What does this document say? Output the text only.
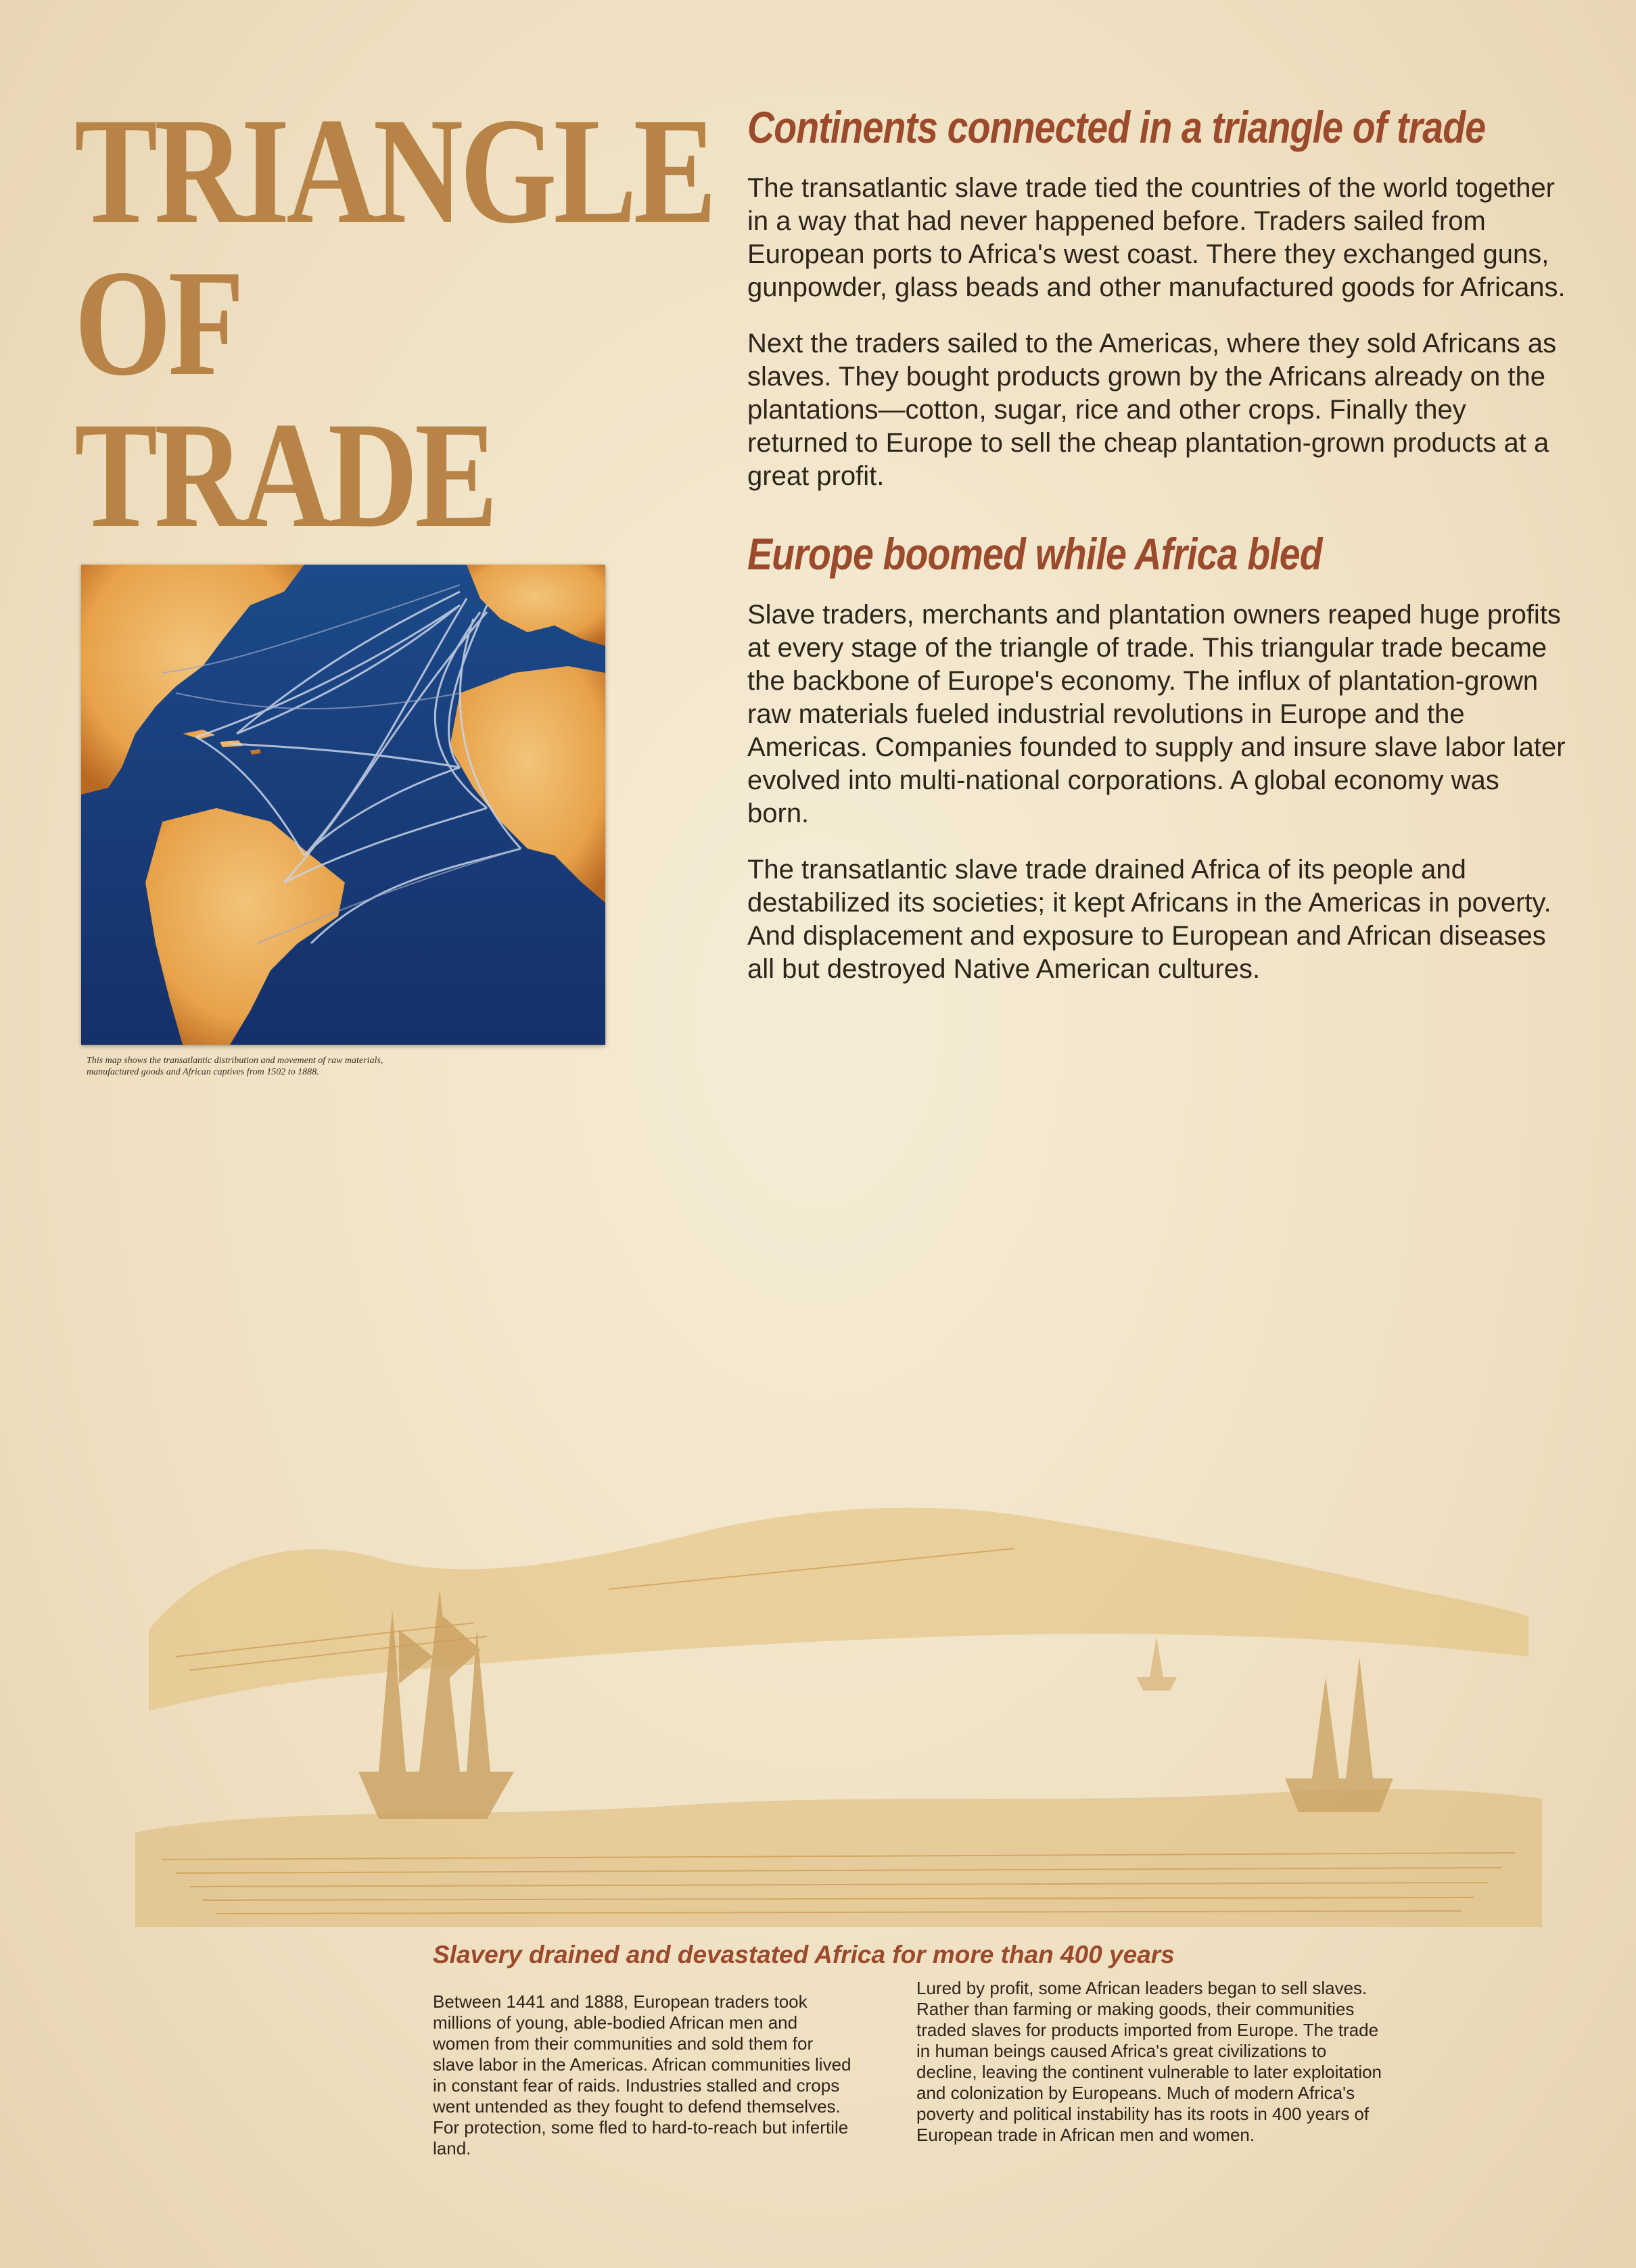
TRIANGLE
OF TRADE
Continents connected in a triangle of trade

The transatlantic slave trade tied the countries of the world together in a way that had never happened before. Traders sailed from European ports to Africa's west coast. There they exchanged guns, gunpowder, glass beads and other manufactured goods for Africans.

Next the traders sailed to the Americas, where they sold Africans as slaves. They bought products grown by the Africans already on the plantations—cotton, sugar, rice and other crops. Finally they returned to Europe to sell the cheap plantation-grown products at a great profit.

Europe boomed while Africa bled

Slave traders, merchants and plantation owners reaped huge profits at every stage of the triangle of trade. This triangular trade became the backbone of Europe's economy. The influx of plantation-grown raw materials fueled industrial revolutions in Europe and the Americas. Companies founded to supply and insure slave labor later evolved into multi-national corporations. A global economy was born.

The transatlantic slave trade drained Africa of its people and destabilized its societies; it kept Africans in the Americas in poverty. And displacement and exposure to European and African diseases all but destroyed Native American cultures.

This map shows the transatlantic distribution and movement of raw materials, manufactured goods and African captives from 1502 to 1888.
Slavery drained and devastated Africa for more than 400 years
Between 1441 and 1888, European traders took millions of young, able-bodied African men and women from their communities and sold them for slave labor in the Americas. African communities lived in constant fear of raids. Industries stalled and crops went untended as they fought to defend themselves. For protection, some fled to hard-to-reach but infertile land.
Lured by profit, some African leaders began to sell slaves. Rather than farming or making goods, their communities traded slaves for products imported from Europe. The trade in human beings caused Africa's great civilizations to decline, leaving the continent vulnerable to later exploitation and colonization by Europeans. Much of modern Africa's poverty and political instability has its roots in 400 years of European trade in African men and women.
